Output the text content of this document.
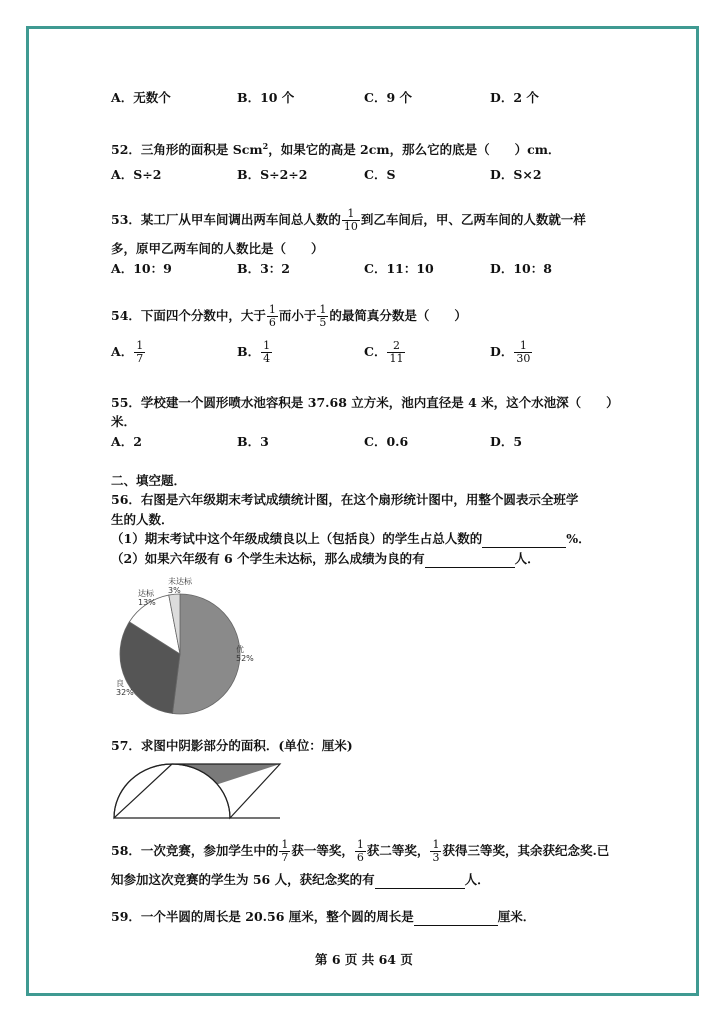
A．无数个	B．10 个	C．9 个	D．2 个
52．三角形的面积是 Scm$^2$，如果它的高是 2cm，那么它的底是（　　）cm．
A．S÷2	B．S÷2÷2	C．S	D．S×2
53．某工厂从甲车间调出两车间总人数的 $\frac{1}{10}$ 到乙车间后，甲、乙两车间的人数就一样
多，原甲乙两车间的人数比是（　　）
A．10：9	B．3：2	C．11：10	D．10：8
54．下面四个分数中，大于 $\frac{1}{6}$ 而小于 $\frac{1}{5}$ 的最简真分数是（　　）
A． $\frac{1}{7}$	B． $\frac{1}{4}$	C． $\frac{2}{11}$	D． $\frac{1}{30}$
55．学校建一个圆形喷水池容积是 37.68 立方米，池内直径是 4 米，这个水池深（　　）
米．
A．2	B．3	C．0.6	D．5
二、填空题．
56．右图是六年级期末考试成绩统计图，在这个扇形统计图中，用整个圆表示全班学
生的人数．
（1）期末考试中这个年级成绩良以上（包括良）的学生占总人数的	%．
（2）如果六年级有 6 个学生未达标，那么成绩为良的有	人．
优
52%
良
32%
达标
13%
未达标
3%
57．求图中阴影部分的面积．(单位：厘米)
58．一次竞赛，参加学生中的 $\frac{1}{7}$ 获一等奖， $\frac{1}{6}$ 获二等奖， $\frac{1}{3}$ 获得三等奖，其余获纪念奖.已
知参加这次竞赛的学生为 56 人，获纪念奖的有	人．
59．一个半圆的周长是 20.56 厘米，整个圆的周长是	厘米．
第 6 页 共 64 页
